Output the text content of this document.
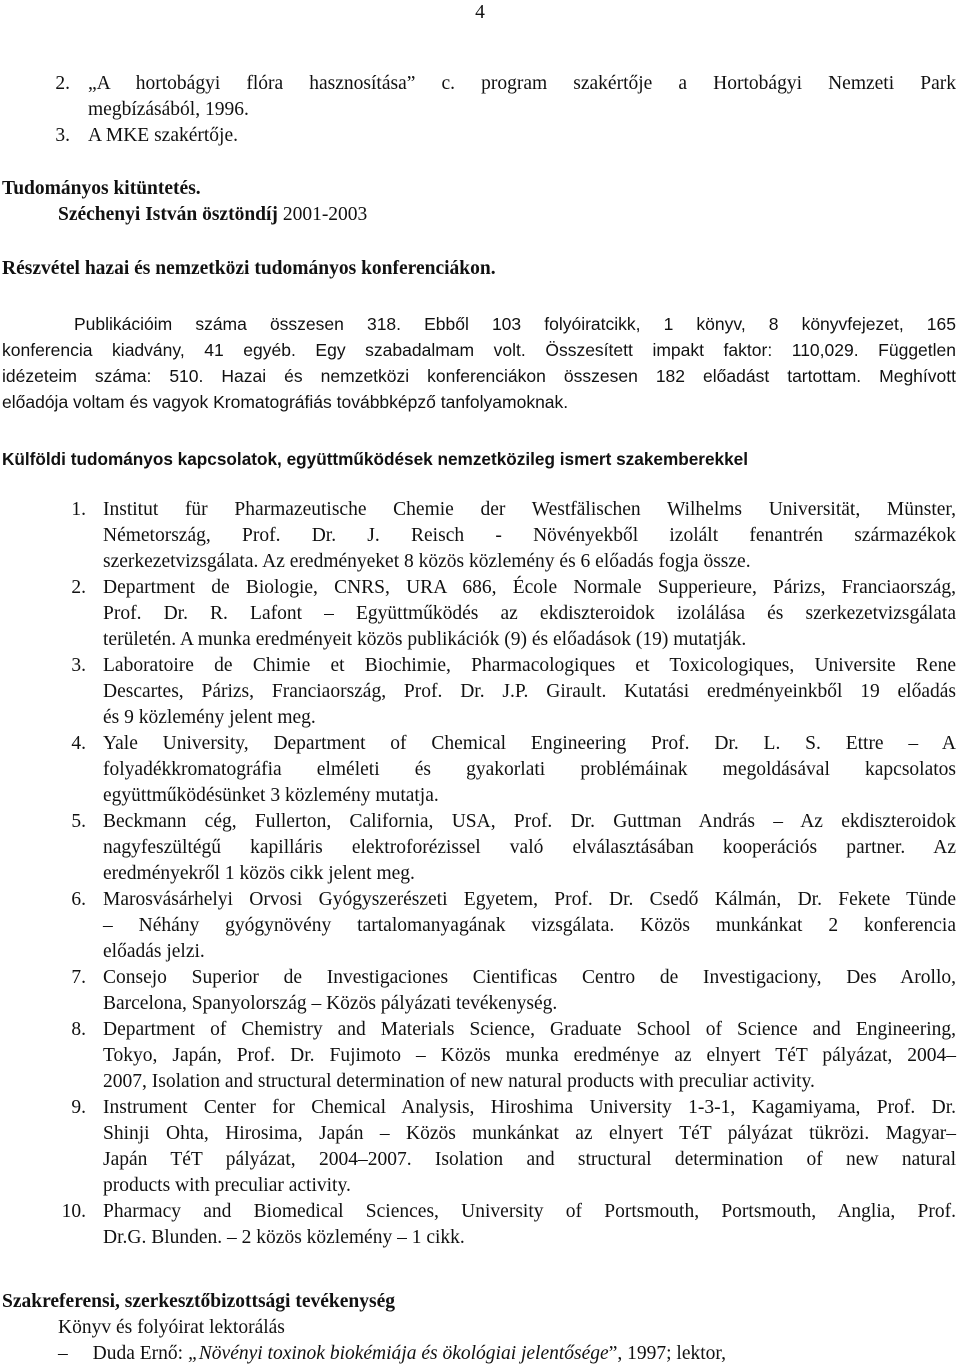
4
2. „A hortobágyi flóra hasznosítása” c. program szakértője a Hortobágyi Nemzeti Park
megbízásából, 1996.
3. A MKE szakértője.
Tudományos kitüntetés.
Széchenyi István ösztöndíj 2001-2003
Részvétel hazai és nemzetközi tudományos konferenciákon.
Publikációim száma összesen 318. Ebből 103 folyóiratcikk, 1 könyv, 8 könyvfejezet, 165
konferencia kiadvány, 41 egyéb. Egy szabadalmam volt. Összesített impakt faktor: 110,029. Független
idézeteim száma: 510. Hazai és nemzetközi konferenciákon összesen 182 előadást tartottam. Meghívott
előadója voltam és vagyok Kromatográfiás továbbképző tanfolyamoknak.
Külföldi tudományos kapcsolatok, együttműködések nemzetközileg ismert szakemberekkel
1. Institut für Pharmazeutische Chemie der Westfälischen Wilhelms Universität, Münster,
Németország, Prof. Dr. J. Reisch - Növényekből izolált fenantrén származékok
szerkezetvizsgálata. Az eredményeket 8 közös közlemény és 6 előadás fogja össze.
2. Department de Biologie, CNRS, URA 686, École Normale Supperieure, Párizs, Franciaország,
Prof. Dr. R. Lafont – Együttműködés az ekdiszteroidok izolálása és szerkezetvizsgálata
területén. A munka eredményeit közös publikációk (9) és előadások (19) mutatják.
3. Laboratoire de Chimie et Biochimie, Pharmacologiques et Toxicologiques, Universite Rene
Descartes, Párizs, Franciaország, Prof. Dr. J.P. Girault. Kutatási eredményeinkből 19 előadás
és 9 közlemény jelent meg.
4. Yale University, Department of Chemical Engineering Prof. Dr. L. S. Ettre – A
folyadékkromatográfia elméleti és gyakorlati problémáinak megoldásával kapcsolatos
együttműködésünket 3 közlemény mutatja.
5. Beckmann cég, Fullerton, California, USA, Prof. Dr. Guttman András – Az ekdiszteroidok
nagyfeszültégű kapilláris elektroforézissel való elválasztásában kooperációs partner. Az
eredményekről 1 közös cikk jelent meg.
6. Marosvásárhelyi Orvosi Gyógyszerészeti Egyetem, Prof. Dr. Csedő Kálmán, Dr. Fekete Tünde
– Néhány gyógynövény tartalomanyagának vizsgálata. Közös munkánkat 2 konferencia
előadás jelzi.
7. Consejo Superior de Investigaciones Cientificas Centro de Investigaciony, Des Arollo,
Barcelona, Spanyolország – Közös pályázati tevékenység.
8. Department of Chemistry and Materials Science, Graduate School of Science and Engineering,
Tokyo, Japán, Prof. Dr. Fujimoto – Közös munka eredménye az elnyert TéT pályázat, 2004–
2007, Isolation and structural determination of new natural products with preculiar activity.
9. Instrument Center for Chemical Analysis, Hiroshima University 1-3-1, Kagamiyama, Prof. Dr.
Shinji Ohta, Hirosima, Japán – Közös munkánkat az elnyert TéT pályázat tükrözi. Magyar–
Japán TéT pályázat, 2004–2007. Isolation and structural determination of new natural
products with preculiar activity.
10. Pharmacy and Biomedical Sciences, University of Portsmouth, Portsmouth, Anglia, Prof.
Dr.G. Blunden. – 2 közös közlemény – 1 cikk.
Szakreferensi, szerkesztőbizottsági tevékenység
Könyv és folyóirat lektorálás
– Duda Ernő: „Növényi toxinok biokémiája és ökológiai jelentősége”, 1997; lektor,
